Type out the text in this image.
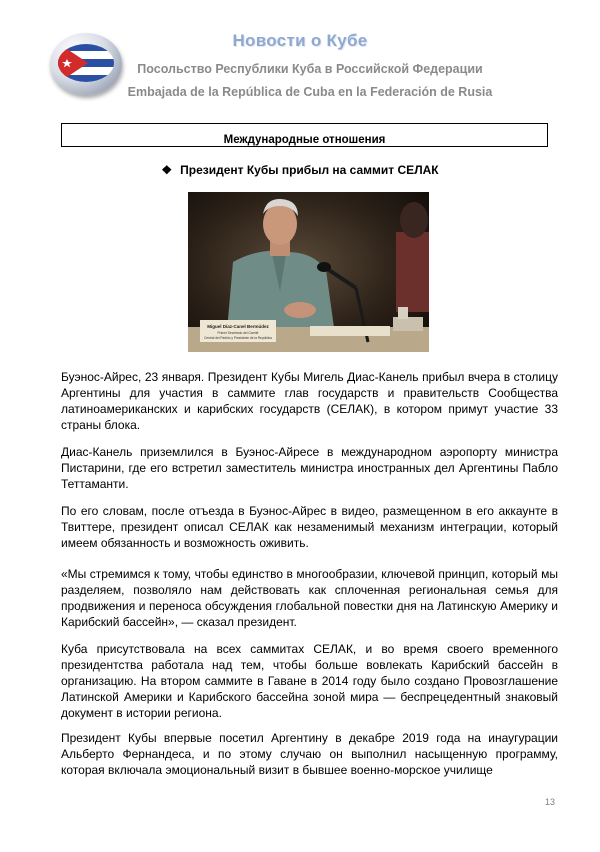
Новости о Кубе
Посольство Республики Куба в Российской Федерации
Embajada de la República de Cuba en la Federación de Rusia
Международные отношения
❖ Президент Кубы прибыл на саммит СЕЛАК
Miguel Díaz-Canel Bermúdez
Primer Secretario del Comité
Central del Partido y Presidente de la República

Буэнос-Айрес, 23 января. Президент Кубы Мигель Диас-Канель прибыл вчера в столицу Аргентины для участия в саммите глав государств и правительств Сообщества латиноамериканских и карибских государств (СЕЛАК), в котором примут участие 33 страны блока.

Диас-Канель приземлился в Буэнос-Айресе в международном аэропорту министра Пистарини, где его встретил заместитель министра иностранных дел Аргентины Пабло Теттаманти.

По его словам, после отъезда в Буэнос-Айрес в видео, размещенном в его аккаунте в Твиттере, президент описал СЕЛАК как незаменимый механизм интеграции, который имеем обязанность и возможность оживить.

«Мы стремимся к тому, чтобы единство в многообразии, ключевой принцип, который мы разделяем, позволяло нам действовать как сплоченная региональная семья для продвижения и переноса обсуждения глобальной повестки дня на Латинскую Америку и Карибский бассейн», — сказал президент.

Куба присутствовала на всех саммитах СЕЛАК, и во время своего временного президентства работала над тем, чтобы больше вовлекать Карибский бассейн в организацию. На втором саммите в Гаване в 2014 году было создано Провозглашение Латинской Америки и Карибского бассейна зоной мира — беспрецедентный знаковый документ в истории региона.

Президент Кубы впервые посетил Аргентину в декабре 2019 года на инаугурации Альберто Фернандеса, и по этому случаю он выполнил насыщенную программу, которая включала эмоциональный визит в бывшее военно-морское училище

13
